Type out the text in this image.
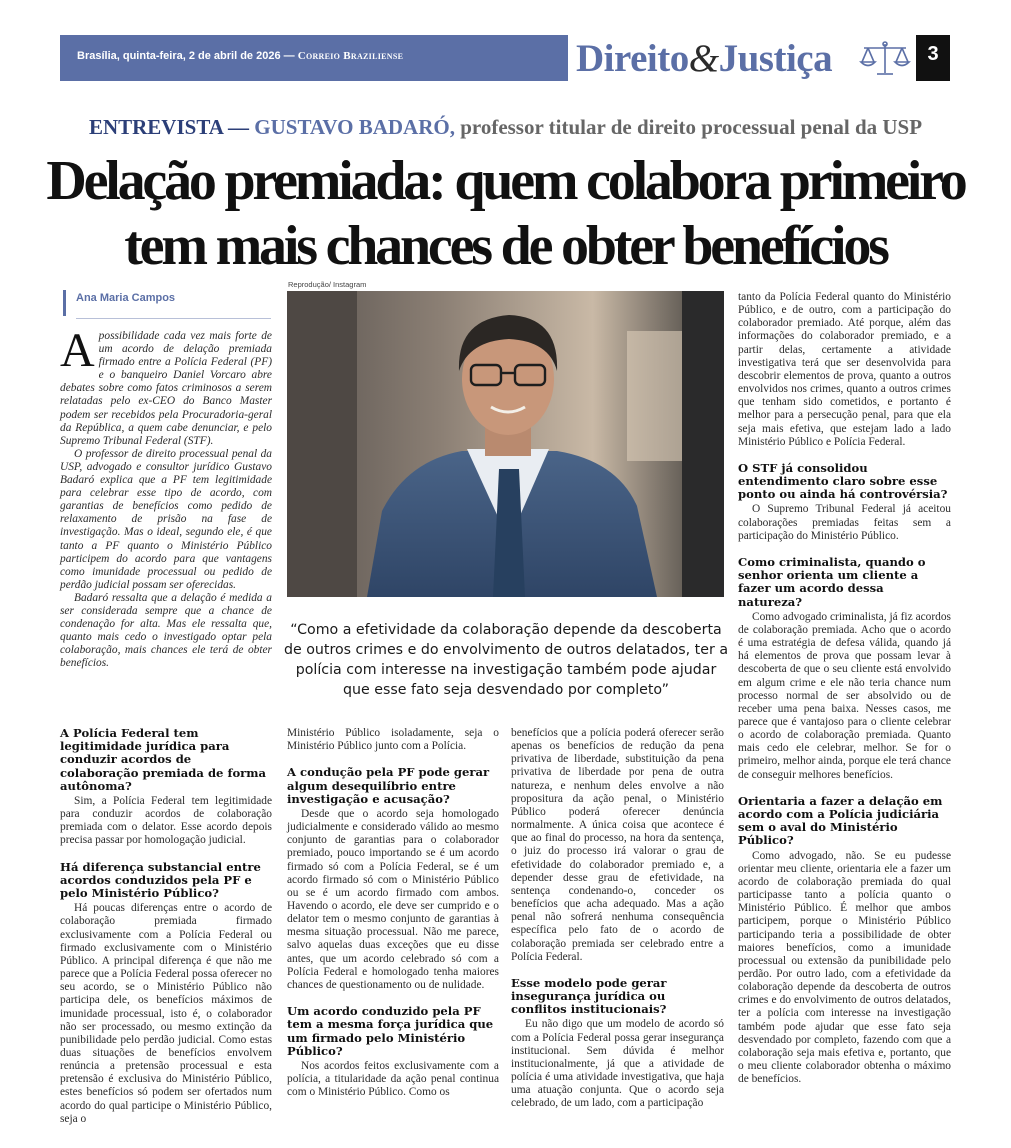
Brasília, quinta-feira, 2 de abril de 2026 — Correio Braziliense	Direito&Justiça	3
ENTREVISTA — GUSTAVO BADARÓ, professor titular de direito processual penal da USP
Delação premiada: quem colabora primeiro
tem mais chances de obter benefícios
Ana Maria Campos

Apossibilidade cada vez mais forte de um acordo de delação premiada firmado entre a Polícia Federal (PF) e o banqueiro Daniel Vorcaro abre debates sobre como fatos criminosos a serem relatadas pelo ex-CEO do Banco Master podem ser recebidos pela Procuradoria-geral da República, a quem cabe denunciar, e pelo Supremo Tribunal Federal (STF).

O professor de direito processual penal da USP, advogado e consultor jurídico Gustavo Badaró explica que a PF tem legitimidade para celebrar esse tipo de acordo, com garantias de benefícios como pedido de relaxamento de prisão na fase de investigação. Mas o ideal, segundo ele, é que tanto a PF quanto o Ministério Público participem do acordo para que vantagens como imunidade processual ou pedido de perdão judicial possam ser oferecidas.

Badaró ressalta que a delação é medida a ser considerada sempre que a chance de condenação for alta. Mas ele ressalta que, quanto mais cedo o investigado optar pela colaboração, mais chances ele terá de obter benefícios.

Reprodução/ Instagram
“Como a efetividade da colaboração depende da descoberta de outros crimes e do envolvimento de outros delatados, ter a polícia com interesse na investigação também pode ajudar que esse fato seja desvendado por completo”
A Polícia Federal tem legitimidade jurídica para conduzir acordos de colaboração premiada de forma autônoma?

Sim, a Polícia Federal tem legitimidade para conduzir acordos de colaboração premiada com o delator. Esse acordo depois precisa passar por homologação judicial.

Há diferença substancial entre acordos conduzidos pela PF e pelo Ministério Público?

Há poucas diferenças entre o acordo de colaboração premiada firmado exclusivamente com a Polícia Federal ou firmado exclusivamente com o Ministério Público. A principal diferença é que não me parece que a Polícia Federal possa oferecer no seu acordo, se o Ministério Público não participa dele, os benefícios máximos de imunidade processual, isto é, o colaborador não ser processado, ou mesmo extinção da punibilidade pelo perdão judicial. Como estas duas situações de benefícios envolvem renúncia a pretensão processual e esta pretensão é exclusiva do Ministério Público, estes benefícios só podem ser ofertados num acordo do qual participe o Ministério Público, seja o

Ministério Público isoladamente, seja o Ministério Público junto com a Polícia.

A condução pela PF pode gerar algum desequilíbrio entre investigação e acusação?

Desde que o acordo seja homologado judicialmente e considerado válido ao mesmo conjunto de garantias para o colaborador premiado, pouco importando se é um acordo firmado só com a Polícia Federal, se é um acordo firmado só com o Ministério Público ou se é um acordo firmado com ambos. Havendo o acordo, ele deve ser cumprido e o delator tem o mesmo conjunto de garantias à mesma situação processual. Não me parece, salvo aquelas duas exceções que eu disse antes, que um acordo celebrado só com a Polícia Federal e homologado tenha maiores chances de questionamento ou de nulidade.

Um acordo conduzido pela PF tem a mesma força jurídica que um firmado pelo Ministério Público?

Nos acordos feitos exclusivamente com a polícia, a titularidade da ação penal continua com o Ministério Público. Como os

benefícios que a polícia poderá oferecer serão apenas os benefícios de redução da pena privativa de liberdade, substituição da pena privativa de liberdade por pena de outra natureza, e nenhum deles envolve a não propositura da ação penal, o Ministério Público poderá oferecer denúncia normalmente. A única coisa que acontece é que ao final do processo, na hora da sentença, o juiz do processo irá valorar o grau de efetividade do colaborador premiado e, a depender desse grau de efetividade, na sentença condenando-o, conceder os benefícios que acha adequado. Mas a ação penal não sofrerá nenhuma consequência específica pelo fato de o acordo de colaboração premiada ser celebrado entre a Polícia Federal.

Esse modelo pode gerar insegurança jurídica ou conflitos institucionais?

Eu não digo que um modelo de acordo só com a Polícia Federal possa gerar insegurança institucional. Sem dúvida é melhor institucionalmente, já que a atividade de polícia é uma atividade investigativa, que haja uma atuação conjunta. Que o acordo seja celebrado, de um lado, com a participação

tanto da Polícia Federal quanto do Ministério Público, e de outro, com a participação do colaborador premiado. Até porque, além das informações do colaborador premiado, e a partir delas, certamente a atividade investigativa terá que ser desenvolvida para descobrir elementos de prova, quanto a outros envolvidos nos crimes, quanto a outros crimes que tenham sido cometidos, e portanto é melhor para a persecução penal, para que ela seja mais efetiva, que estejam lado a lado Ministério Público e Polícia Federal.

O STF já consolidou entendimento claro sobre esse ponto ou ainda há controvérsia?

O Supremo Tribunal Federal já aceitou colaborações premiadas feitas sem a participação do Ministério Público.

Como criminalista, quando o senhor orienta um cliente a fazer um acordo dessa natureza?

Como advogado criminalista, já fiz acordos de colaboração premiada. Acho que o acordo é uma estratégia de defesa válida, quando já há elementos de prova que possam levar à descoberta de que o seu cliente está envolvido em algum crime e ele não teria chance num processo normal de ser absolvido ou de receber uma pena baixa. Nesses casos, me parece que é vantajoso para o cliente celebrar o acordo de colaboração premiada. Quanto mais cedo ele celebrar, melhor. Se for o primeiro, melhor ainda, porque ele terá chance de conseguir melhores benefícios.

Orientaria a fazer a delação em acordo com a Polícia judiciária sem o aval do Ministério Público?

Como advogado, não. Se eu pudesse orientar meu cliente, orientaria ele a fazer um acordo de colaboração premiada do qual participasse tanto a polícia quanto o Ministério Público. É melhor que ambos participem, porque o Ministério Público participando teria a possibilidade de obter maiores benefícios, como a imunidade processual ou extensão da punibilidade pelo perdão. Por outro lado, com a efetividade da colaboração depende da descoberta de outros crimes e do envolvimento de outros delatados, ter a polícia com interesse na investigação também pode ajudar que esse fato seja desvendado por completo, fazendo com que a colaboração seja mais efetiva e, portanto, que o meu cliente colaborador obtenha o máximo de benefícios.
